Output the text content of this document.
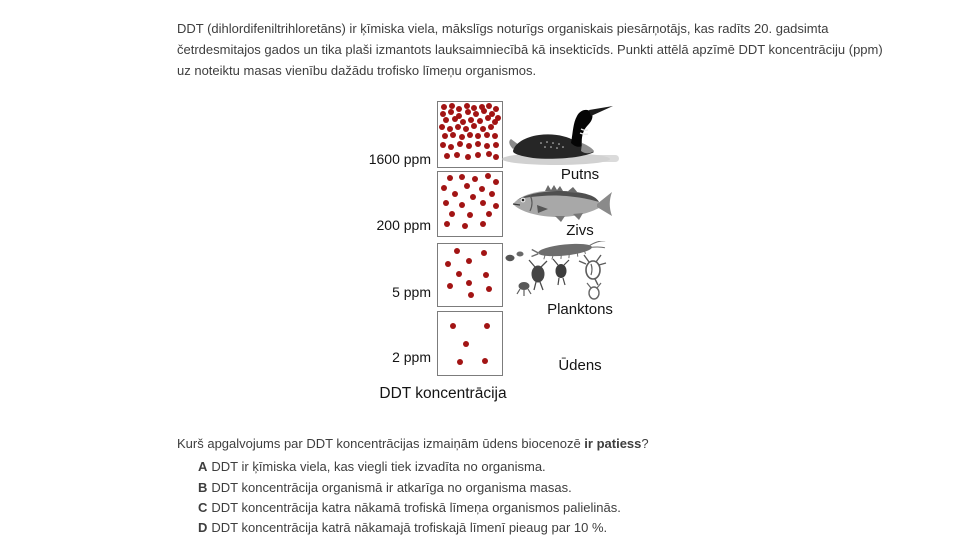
DDT (dihlordifeniltrihloretāns) ir ķīmiska viela, mākslīgs noturīgs organiskais piesārņotājs, kas radīts 20. gadsimta
četrdesmitajos gados un tika plaši izmantots lauksaimniecībā kā insekticīds. Punkti attēlā apzīmē DDT koncentrāciju (ppm)
uz noteiktu masas vienību dažādu trofisko līmeņu organismos.
1600 ppm
200 ppm
5 ppm
2 ppm
DDT koncentrācija
Putns
Zivs
Planktons
Ūdens
Kurš apgalvojums par DDT koncentrācijas izmaiņām ūdens biocenozē ir patiess?
A DDT ir ķīmiska viela, kas viegli tiek izvadīta no organisma.
B DDT koncentrācija organismā ir atkarīga no organisma masas.
C DDT koncentrācija katra nākamā trofiskā līmeņa organismos palielinās.
D DDT koncentrācija katrā nākamajā trofiskajā līmenī pieaug par 10 %.
